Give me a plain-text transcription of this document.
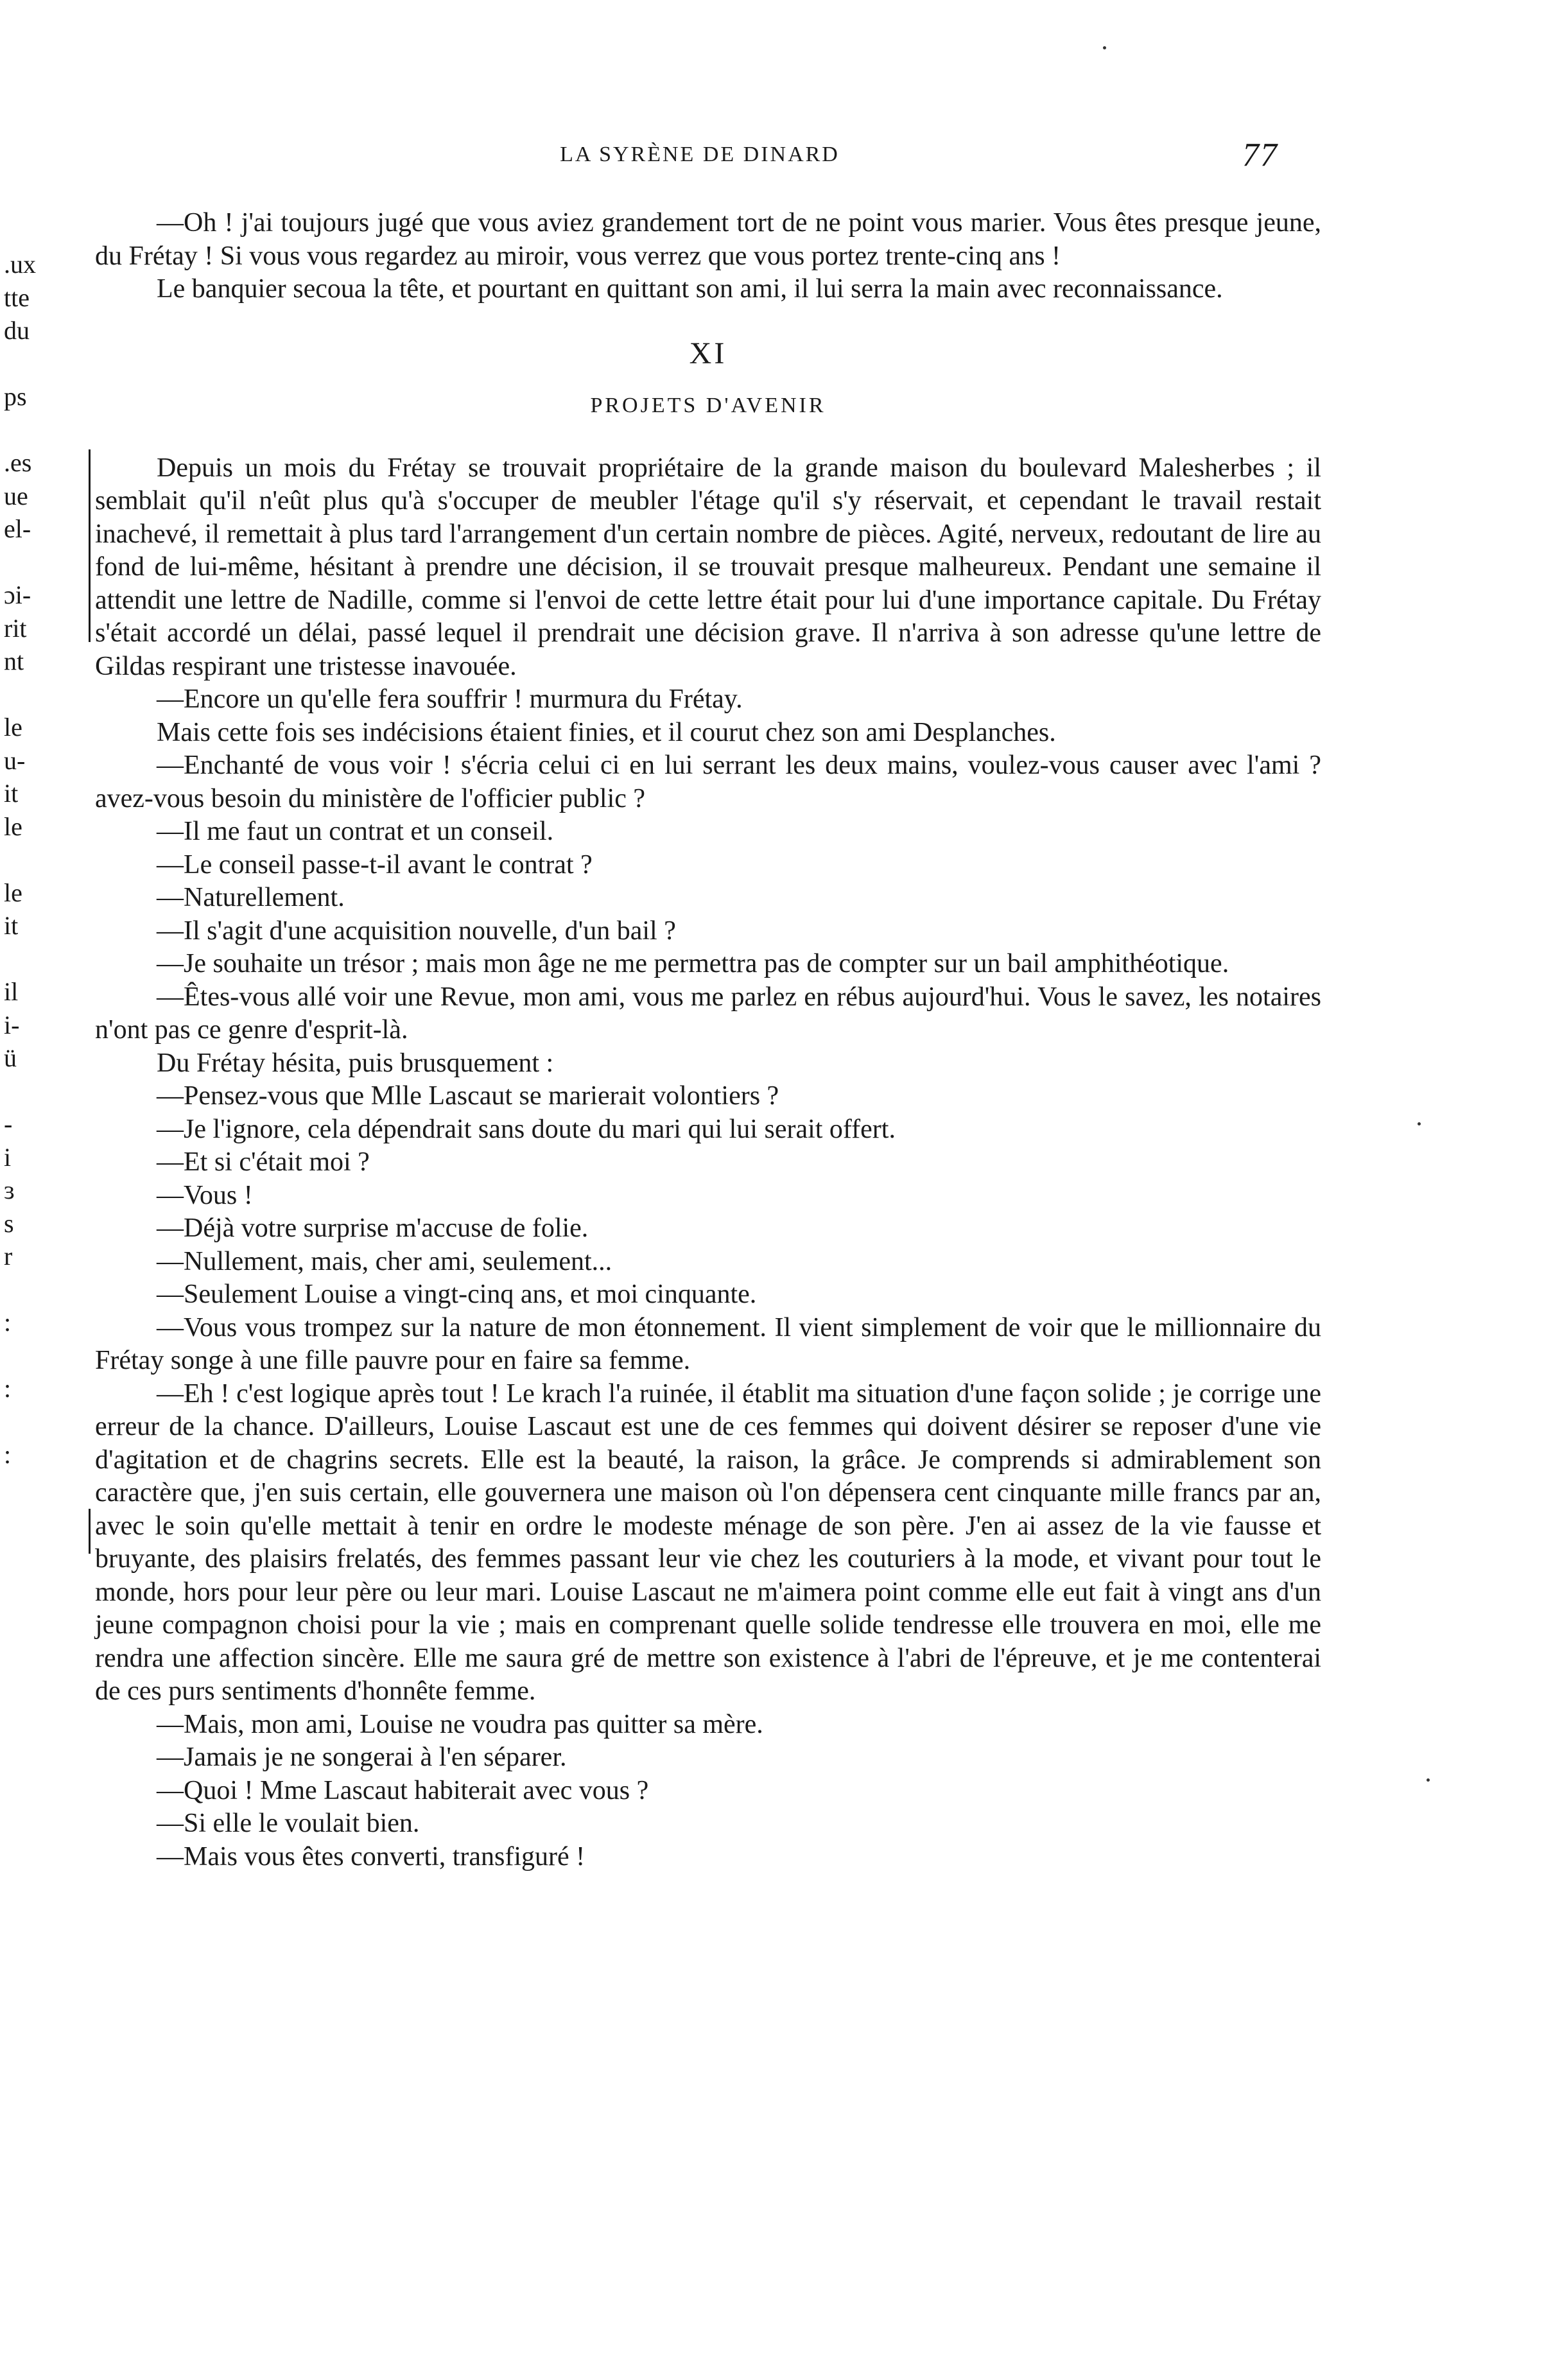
LA SYRÈNE DE DINARD	77
.ux
tte
du
ps
.es
ue
el-
ɔi-
rit
nt
le
u-
it
le
le
it
il
i-
ü
-
i
ɜ
s
r
:
:
:

—Oh ! j'ai toujours jugé que vous aviez grandement tort de ne point vous marier. Vous êtes presque jeune, du Frétay ! Si vous vous regardez au miroir, vous verrez que vous portez trente-cinq ans !

Le banquier secoua la tête, et pourtant en quittant son ami, il lui serra la main avec reconnaissance.

XI
PROJETS D'AVENIR

Depuis un mois du Frétay se trouvait propriétaire de la grande maison du boulevard Malesherbes ; il semblait qu'il n'eût plus qu'à s'occuper de meubler l'étage qu'il s'y réservait, et cependant le travail restait inachevé, il remettait à plus tard l'arrangement d'un certain nombre de pièces. Agité, nerveux, redoutant de lire au fond de lui-même, hésitant à prendre une décision, il se trouvait presque malheureux. Pendant une semaine il attendit une lettre de Nadille, comme si l'envoi de cette lettre était pour lui d'une importance capitale. Du Frétay s'était accordé un délai, passé lequel il prendrait une décision grave. Il n'arriva à son adresse qu'une lettre de Gildas respirant une tristesse inavouée.

—Encore un qu'elle fera souffrir ! murmura du Frétay.

Mais cette fois ses indécisions étaient finies, et il courut chez son ami Desplanches.

—Enchanté de vous voir ! s'écria celui ci en lui serrant les deux mains, voulez-vous causer avec l'ami ? avez-vous besoin du ministère de l'officier public ?

—Il me faut un contrat et un conseil.

—Le conseil passe-t-il avant le contrat ?

—Naturellement.

—Il s'agit d'une acquisition nouvelle, d'un bail ?

—Je souhaite un trésor ; mais mon âge ne me permettra pas de compter sur un bail amphithéotique.

—Êtes-vous allé voir une Revue, mon ami, vous me parlez en rébus aujourd'hui. Vous le savez, les notaires n'ont pas ce genre d'esprit-là.

Du Frétay hésita, puis brusquement :

—Pensez-vous que Mlle Lascaut se marierait volontiers ?

—Je l'ignore, cela dépendrait sans doute du mari qui lui serait offert.

—Et si c'était moi ?

—Vous !

—Déjà votre surprise m'accuse de folie.

—Nullement, mais, cher ami, seulement...

—Seulement Louise a vingt-cinq ans, et moi cinquante.

—Vous vous trompez sur la nature de mon étonnement. Il vient simplement de voir que le millionnaire du Frétay songe à une fille pauvre pour en faire sa femme.

—Eh ! c'est logique après tout ! Le krach l'a ruinée, il établit ma situation d'une façon solide ; je corrige une erreur de la chance. D'ailleurs, Louise Lascaut est une de ces femmes qui doivent désirer se reposer d'une vie d'agitation et de chagrins secrets. Elle est la beauté, la raison, la grâce. Je comprends si admirablement son caractère que, j'en suis certain, elle gouvernera une maison où l'on dépensera cent cinquante mille francs par an, avec le soin qu'elle mettait à tenir en ordre le modeste ménage de son père. J'en ai assez de la vie fausse et bruyante, des plaisirs frelatés, des femmes passant leur vie chez les couturiers à la mode, et vivant pour tout le monde, hors pour leur père ou leur mari. Louise Lascaut ne m'aimera point comme elle eut fait à vingt ans d'un jeune compagnon choisi pour la vie ; mais en comprenant quelle solide tendresse elle trouvera en moi, elle me rendra une affection sincère. Elle me saura gré de mettre son existence à l'abri de l'épreuve, et je me contenterai de ces purs sentiments d'honnête femme.

—Mais, mon ami, Louise ne voudra pas quitter sa mère.

—Jamais je ne songerai à l'en séparer.

—Quoi ! Mme Lascaut habiterait avec vous ?

—Si elle le voulait bien.

—Mais vous êtes converti, transfiguré !
